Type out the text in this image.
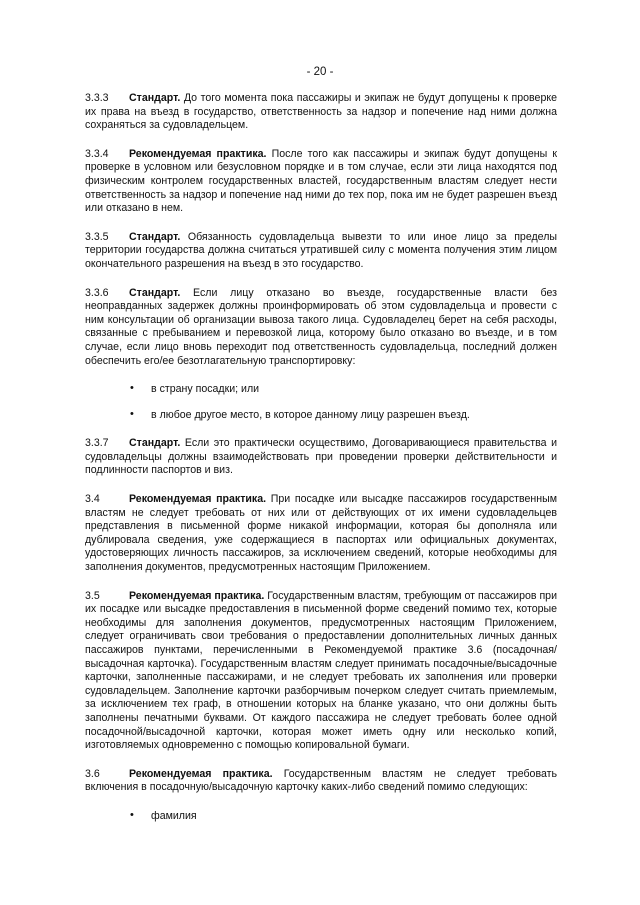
- 20 -

3.3.3 Стандарт. До того момента пока пассажиры и экипаж не будут допущены к проверке их права на въезд в государство, ответственность за надзор и попечение над ними должна сохраняться за судовладельцем.

3.3.4 Рекомендуемая практика. После того как пассажиры и экипаж будут допущены к проверке в условном или безусловном порядке и в том случае, если эти лица находятся под физическим контролем государственных властей, государственным властям следует нести ответственность за надзор и попечение над ними до тех пор, пока им не будет разрешен въезд или отказано в нем.

3.3.5 Стандарт. Обязанность судовладельца вывезти то или иное лицо за пределы территории государства должна считаться утратившей силу с момента получения этим лицом окончательного разрешения на въезд в это государство.

3.3.6 Стандарт. Если лицу отказано во въезде, государственные власти без неоправданных задержек должны проинформировать об этом судовладельца и провести с ним консультации об организации вывоза такого лица. Судовладелец берет на себя расходы, связанные с пребыванием и перевозкой лица, которому было отказано во въезде, и в том случае, если лицо вновь переходит под ответственность судовладельца, последний должен обеспечить его/ее безотлагательную транспортировку:

•	в страну посадки; или
•	в любое другое место, в которое данному лицу разрешен въезд.

3.3.7 Стандарт. Если это практически осуществимо, Договаривающиеся правительства и судовладельцы должны взаимодействовать при проведении проверки действительности и подлинности паспортов и виз.

3.4	Рекомендуемая практика. При посадке или высадке пассажиров государственным властям не следует требовать от них или от действующих от их имени судовладельцев представления в письменной форме никакой информации, которая бы дополняла или дублировала сведения, уже содержащиеся в паспортах или официальных документах, удостоверяющих личность пассажиров, за исключением сведений, которые необходимы для заполнения документов, предусмотренных настоящим Приложением.

3.5	Рекомендуемая практика. Государственным властям, требующим от пассажиров при их посадке или высадке предоставления в письменной форме сведений помимо тех, которые необходимы для заполнения документов, предусмотренных настоящим Приложением, следует ограничивать свои требования о предоставлении дополнительных личных данных пассажиров пунктами, перечисленными в Рекомендуемой практике 3.6 (посадочная/высадочная карточка). Государственным властям следует принимать посадочные/высадочные карточки, заполненные пассажирами, и не следует требовать их заполнения или проверки судовладельцем. Заполнение карточки разборчивым почерком следует считать приемлемым, за исключением тех граф, в отношении которых на бланке указано, что они должны быть заполнены печатными буквами. От каждого пассажира не следует требовать более одной посадочной/высадочной карточки, которая может иметь одну или несколько копий, изготовляемых одновременно с помощью копировальной бумаги.

3.6	Рекомендуемая практика. Государственным властям не следует требовать включения в посадочную/высадочную карточку каких-либо сведений помимо следующих:

•	фамилия
